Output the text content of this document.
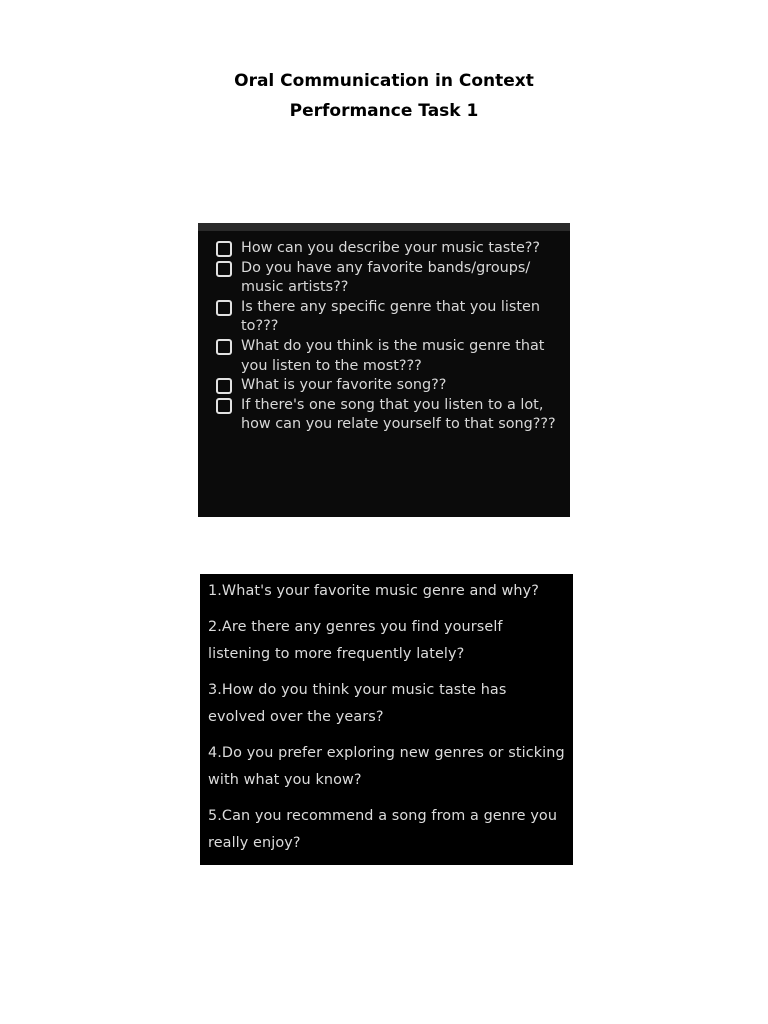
Oral Communication in Context
Performance Task 1
How can you describe your music taste??
Do you have any favorite bands/groups/ music artists??
Is there any specific genre that you listen to???
What do you think is the music genre that you listen to the most???
What is your favorite song??
If there's one song that you listen to a lot, how can you relate yourself to that song???
1.What's your favorite music genre and why?
2.Are there any genres you find yourself listening to more frequently lately?
3.How do you think your music taste has evolved over the years?
4.Do you prefer exploring new genres or sticking with what you know?
5.Can you recommend a song from a genre you really enjoy?
